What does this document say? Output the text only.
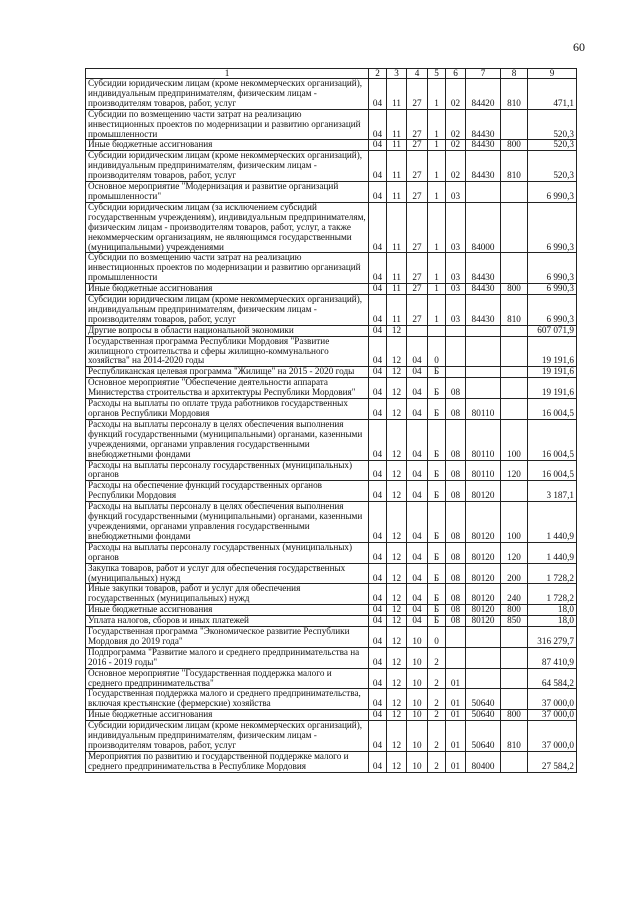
60
1	2	3	4	5	6	7	8	9
Субсидии юридическим лицам (кроме некоммерческих организаций), индивидуальным предпринимателям, физическим лицам - производителям товаров, работ, услуг	04	11	27	1	02	84420	810	471,1
Субсидии по возмещению части затрат на реализацию инвестиционных проектов по модернизации и развитию организаций промышленности	04	11	27	1	02	84430		520,3
Иные бюджетные ассигнования	04	11	27	1	02	84430	800	520,3
Субсидии юридическим лицам (кроме некоммерческих организаций), индивидуальным предпринимателям, физическим лицам - производителям товаров, работ, услуг	04	11	27	1	02	84430	810	520,3
Основное мероприятие "Модернизация и развитие организаций промышленности"	04	11	27	1	03			6 990,3
Субсидии юридическим лицам (за исключением субсидий государственным учреждениям), индивидуальным предпринимателям, физическим лицам - производителям товаров, работ, услуг, а также некоммерческим организациям, не являющимся государственными (муниципальными) учреждениями	04	11	27	1	03	84000		6 990,3
Субсидии по возмещению части затрат на реализацию инвестиционных проектов по модернизации и развитию организаций промышленности	04	11	27	1	03	84430		6 990,3
Иные бюджетные ассигнования	04	11	27	1	03	84430	800	6 990,3
Субсидии юридическим лицам (кроме некоммерческих организаций), индивидуальным предпринимателям, физическим лицам - производителям товаров, работ, услуг	04	11	27	1	03	84430	810	6 990,3
Другие вопросы в области национальной экономики	04	12						607 071,9
Государственная программа Республики Мордовия "Развитие жилищного строительства и сферы жилищно-коммунального хозяйства" на 2014-2020 годы	04	12	04	0				19 191,6
Республиканская целевая программа "Жилище" на 2015 - 2020 годы	04	12	04	Б				19 191,6
Основное мероприятие "Обеспечение деятельности аппарата Министерства строительства и архитектуры Республики Мордовия"	04	12	04	Б	08			19 191,6
Расходы на выплаты по оплате труда работников государственных органов Республики Мордовия	04	12	04	Б	08	80110		16 004,5
Расходы на выплаты персоналу в целях обеспечения выполнения функций государственными (муниципальными) органами, казенными учреждениями, органами управления государственными внебюджетными фондами	04	12	04	Б	08	80110	100	16 004,5
Расходы на выплаты персоналу государственных (муниципальных) органов	04	12	04	Б	08	80110	120	16 004,5
Расходы на обеспечение функций государственных органов Республики Мордовия	04	12	04	Б	08	80120		3 187,1
Расходы на выплаты персоналу в целях обеспечения выполнения функций государственными (муниципальными) органами, казенными учреждениями, органами управления государственными внебюджетными фондами	04	12	04	Б	08	80120	100	1 440,9
Расходы на выплаты персоналу государственных (муниципальных) органов	04	12	04	Б	08	80120	120	1 440,9
Закупка товаров, работ и услуг для обеспечения государственных (муниципальных) нужд	04	12	04	Б	08	80120	200	1 728,2
Иные закупки товаров, работ и услуг для обеспечения государственных (муниципальных) нужд	04	12	04	Б	08	80120	240	1 728,2
Иные бюджетные ассигнования	04	12	04	Б	08	80120	800	18,0
Уплата налогов, сборов и иных платежей	04	12	04	Б	08	80120	850	18,0
Государственная программа "Экономическое развитие Республики Мордовия до 2019 года"	04	12	10	0				316 279,7
Подпрограмма "Развитие малого и среднего предпринимательства на 2016 - 2019 годы"	04	12	10	2				87 410,9
Основное мероприятие "Государственная поддержка малого и среднего предпринимательства"	04	12	10	2	01			64 584,2
Государственная поддержка малого и среднего предпринимательства, включая крестьянские (фермерские) хозяйства	04	12	10	2	01	50640		37 000,0
Иные бюджетные ассигнования	04	12	10	2	01	50640	800	37 000,0
Субсидии юридическим лицам (кроме некоммерческих организаций), индивидуальным предпринимателям, физическим лицам - производителям товаров, работ, услуг	04	12	10	2	01	50640	810	37 000,0
Мероприятия по развитию и государственной поддержке малого и среднего предпринимательства в Республике Мордовия	04	12	10	2	01	80400		27 584,2
